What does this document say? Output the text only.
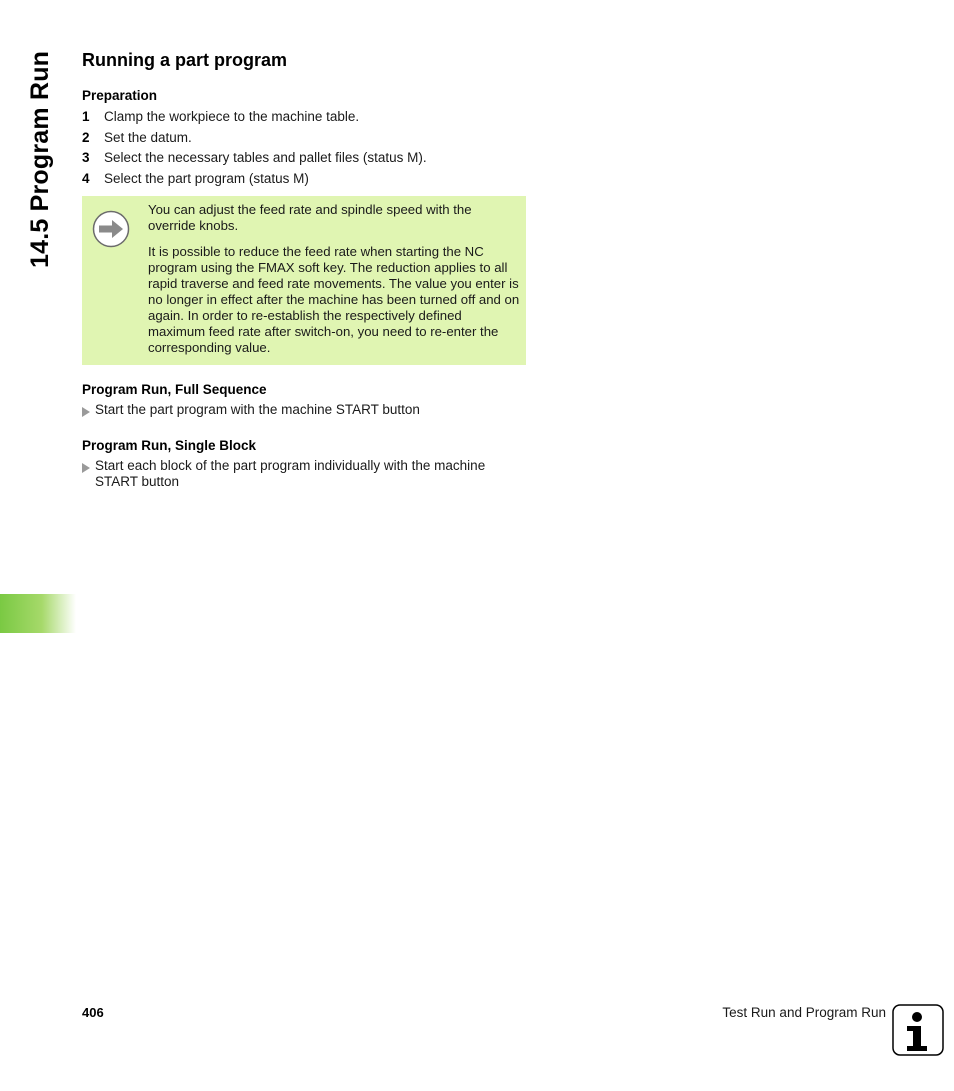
14.5 Program Run Running a part program
Preparation
1	Clamp the workpiece to the machine table.
2	Set the datum.
3	Select the necessary tables and pallet files (status M).
4	Select the part program (status M)

You can adjust the feed rate and spindle speed with the override knobs.

It is possible to reduce the feed rate when starting the NC program using the FMAX soft key. The reduction applies to all rapid traverse and feed rate movements. The value you enter is no longer in effect after the machine has been turned off and on again. In order to re-establish the respectively defined maximum feed rate after switch-on, you need to re-enter the corresponding value.

Program Run, Full Sequence
Start the part program with the machine START button
Program Run, Single Block
Start each block of the part program individually with the machine START button
406	Test Run and Program Run
